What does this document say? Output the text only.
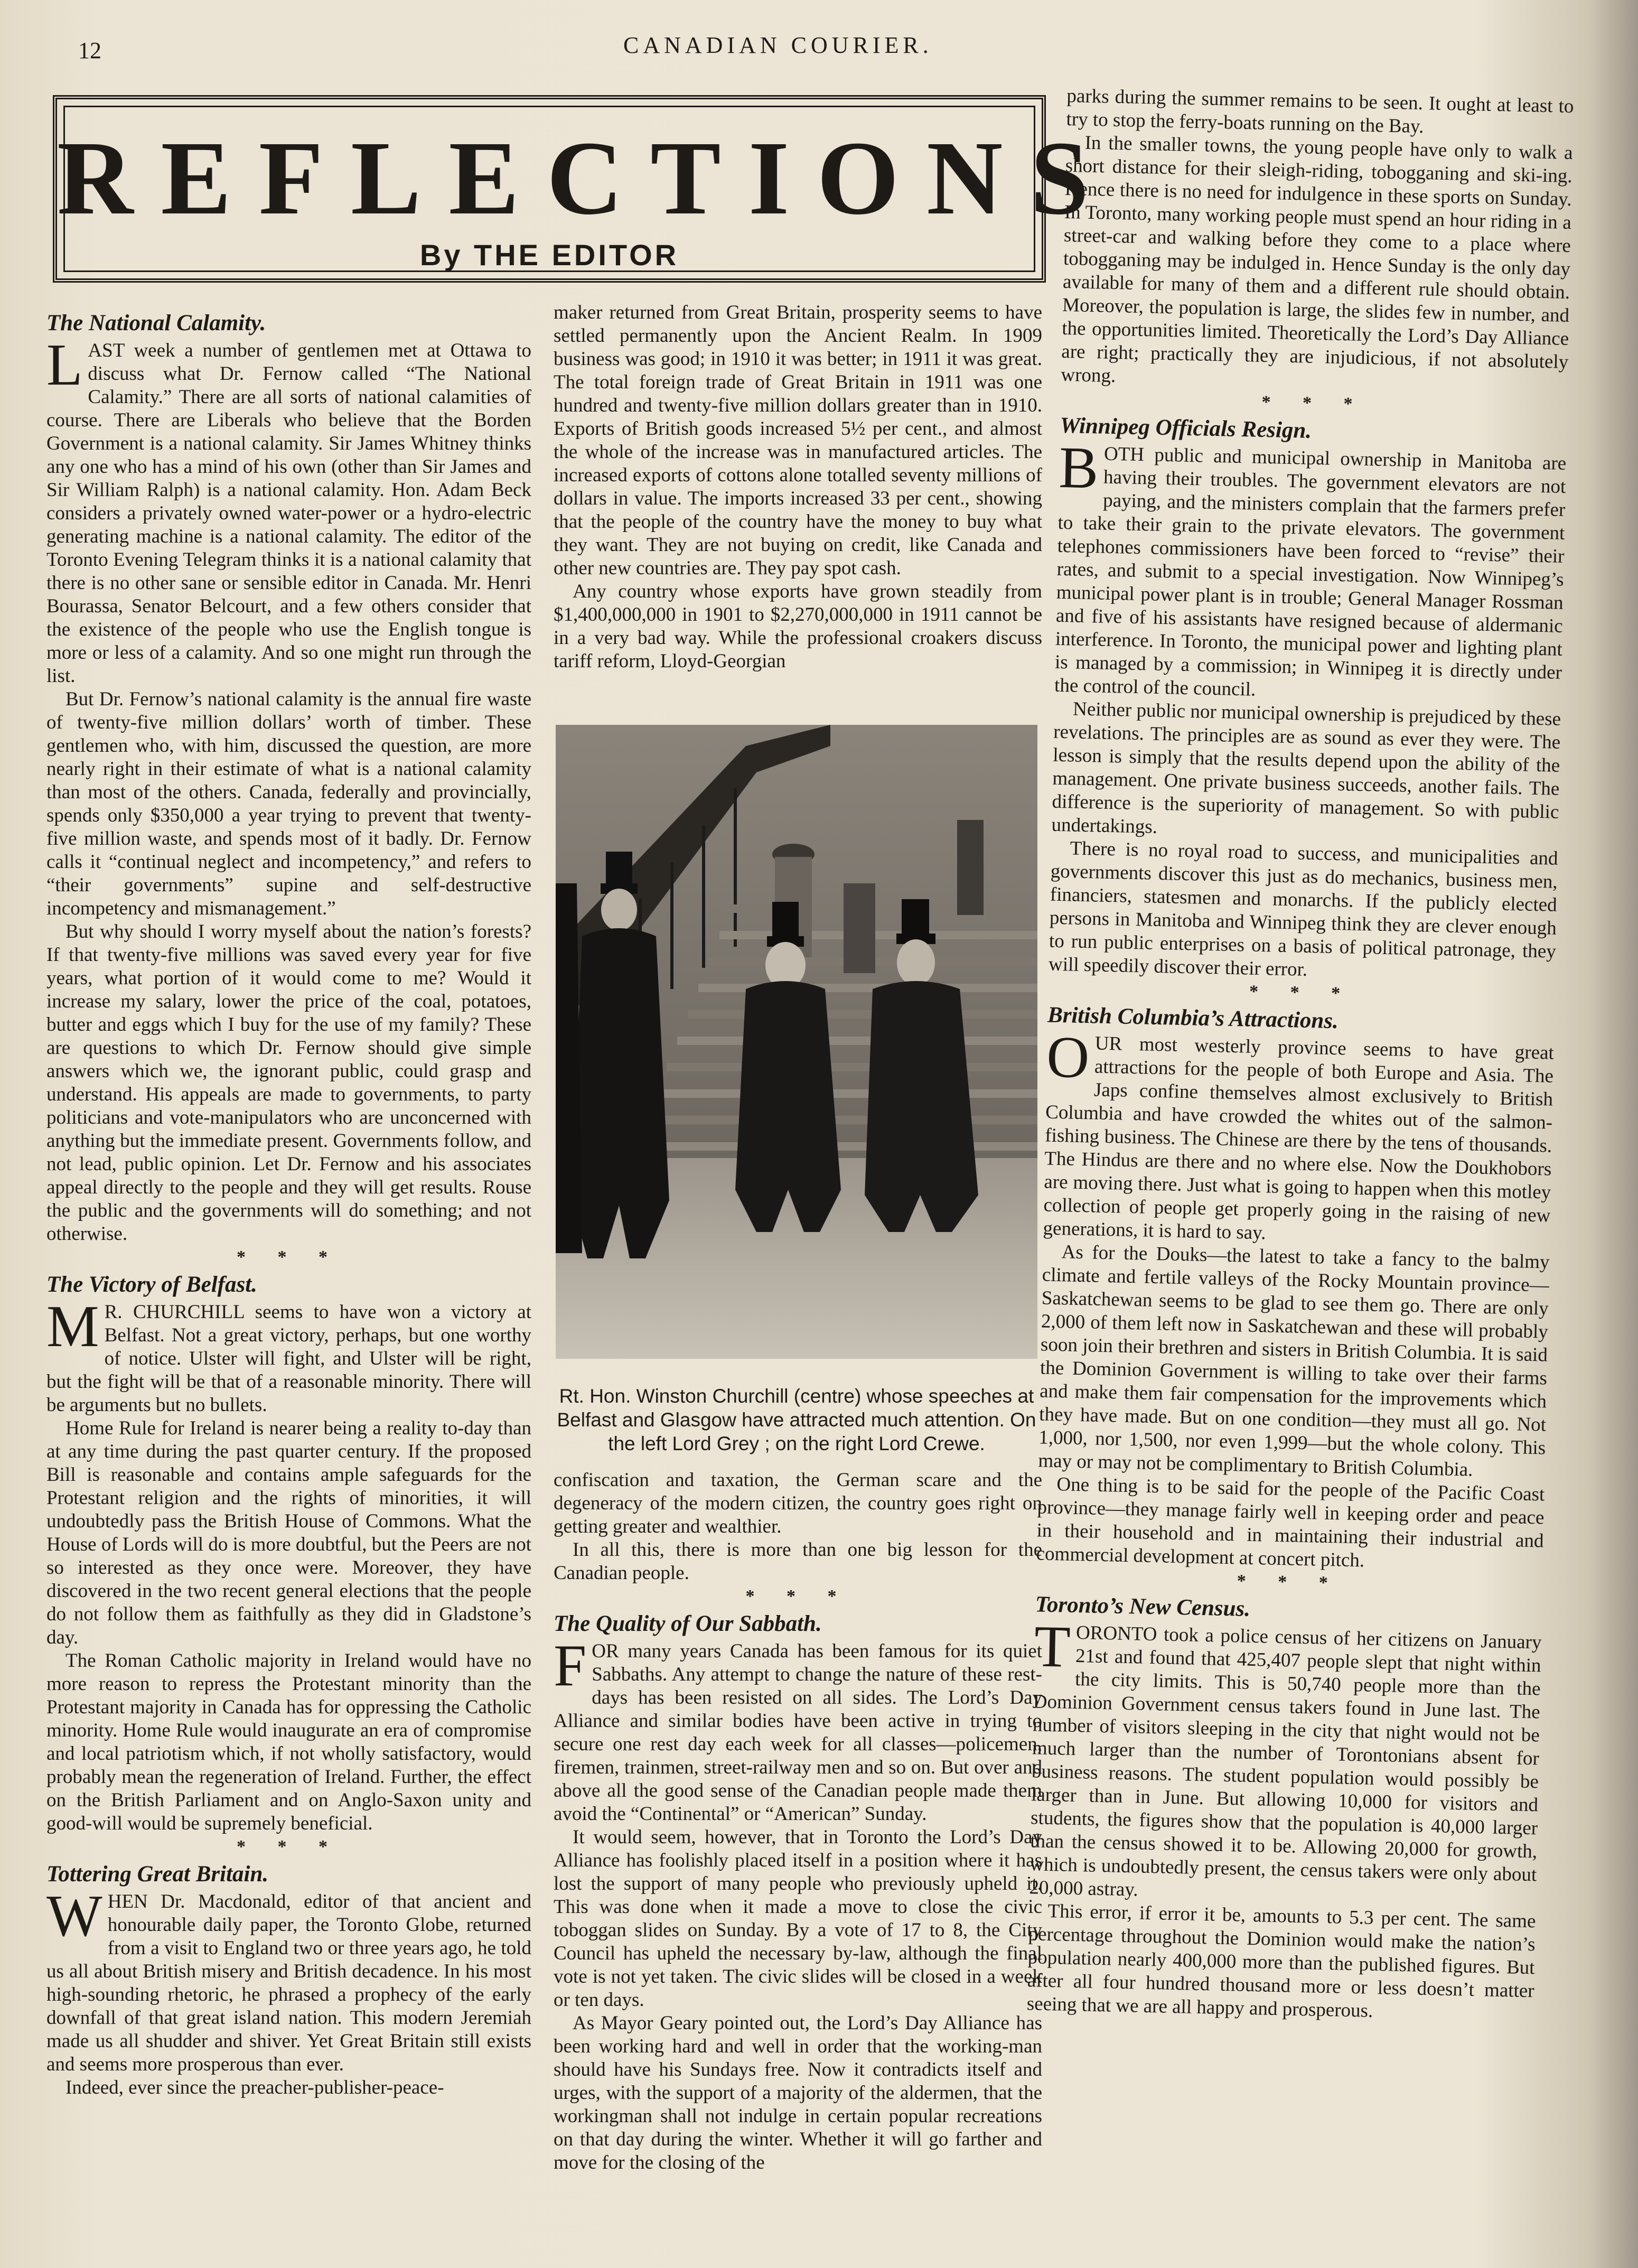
12	CANADIAN COURIER.
REFLECTIONS
By THE EDITOR
The National Calamity.

LAST week a number of gentlemen met at Ottawa to discuss what Dr. Fernow called “The National Calamity.” There are all sorts of national calamities of course. There are Liberals who believe that the Borden Government is a national calamity. Sir James Whitney thinks any one who has a mind of his own (other than Sir James and Sir William Ralph) is a national calamity. Hon. Adam Beck considers a privately owned water-power or a hydro-electric generating machine is a national calamity. The editor of the Toronto Evening Telegram thinks it is a national calamity that there is no other sane or sensible editor in Canada. Mr. Henri Bourassa, Senator Belcourt, and a few others consider that the existence of the people who use the English tongue is more or less of a calamity. And so one might run through the list.

But Dr. Fernow’s national calamity is the annual fire waste of twenty-five million dollars’ worth of timber. These gentlemen who, with him, discussed the question, are more nearly right in their estimate of what is a national calamity than most of the others. Canada, federally and provincially, spends only $350,000 a year trying to prevent that twenty-five million waste, and spends most of it badly. Dr. Fernow calls it “continual neglect and incompetency,” and refers to “their governments” supine and self-destructive incompetency and mismanagement.”

But why should I worry myself about the nation’s forests? If that twenty-five millions was saved every year for five years, what portion of it would come to me? Would it increase my salary, lower the price of the coal, potatoes, butter and eggs which I buy for the use of my family? These are questions to which Dr. Fernow should give simple answers which we, the ignorant public, could grasp and understand. His appeals are made to governments, to party politicians and vote-manipulators who are unconcerned with anything but the immediate present. Governments follow, and not lead, public opinion. Let Dr. Fernow and his associates appeal directly to the people and they will get results. Rouse the public and the governments will do something; and not otherwise.

* * *
The Victory of Belfast.

M R. CHURCHILL seems to have won a victory at Belfast. Not a great victory, perhaps, but one worthy of notice. Ulster will fight, and Ulster will be right, but the fight will be that of a reasonable minority. There will be arguments but no bullets.

Home Rule for Ireland is nearer being a reality to-day than at any time during the past quarter century. If the proposed Bill is reasonable and contains ample safeguards for the Protestant religion and the rights of minorities, it will undoubtedly pass the British House of Commons. What the House of Lords will do is more doubtful, but the Peers are not so interested as they once were. Moreover, they have discovered in the two recent general elections that the people do not follow them as faithfully as they did in Gladstone’s day.

The Roman Catholic majority in Ireland would have no more reason to repress the Protestant minority than the Protestant majority in Canada has for oppressing the Catholic minority. Home Rule would inaugurate an era of compromise and local patriotism which, if not wholly satisfactory, would probably mean the regeneration of Ireland. Further, the effect on the British Parliament and on Anglo-Saxon unity and good-will would be supremely beneficial.

* * *
Tottering Great Britain.

WHEN Dr. Macdonald, editor of that ancient and honourable daily paper, the Toronto Globe, returned from a visit to England two or three years ago, he told us all about British misery and British decadence. In his most high-sounding rhetoric, he phrased a prophecy of the early downfall of that great island nation. This modern Jeremiah made us all shudder and shiver. Yet Great Britain still exists and seems more prosperous than ever.

Indeed, ever since the preacher-publisher-peace-

maker returned from Great Britain, prosperity seems to have settled permanently upon the Ancient Realm. In 1909 business was good; in 1910 it was better; in 1911 it was great. The total foreign trade of Great Britain in 1911 was one hundred and twenty-five million dollars greater than in 1910. Exports of British goods increased 5½ per cent., and almost the whole of the increase was in manufactured articles. The increased exports of cottons alone totalled seventy millions of dollars in value. The imports increased 33 per cent., showing that the people of the country have the money to buy what they want. They are not buying on credit, like Canada and other new countries are. They pay spot cash.

Any country whose exports have grown steadily from $1,400,000,000 in 1901 to $2,270,000,000 in 1911 cannot be in a very bad way. While the professional croakers discuss tariff reform, Lloyd-Georgian

Rt. Hon. Winston Churchill (centre) whose speeches at Belfast and Glasgow have attracted much attention. On the left Lord Grey ; on the right Lord Crewe.

confiscation and taxation, the German scare and the degeneracy of the modern citizen, the country goes right on getting greater and wealthier.

In all this, there is more than one big lesson for the Canadian people.

* * *
The Quality of Our Sabbath.

FOR many years Canada has been famous for its quiet Sabbaths. Any attempt to change the nature of these rest-days has been resisted on all sides. The Lord’s Day Alliance and similar bodies have been active in trying to secure one rest day each week for all classes—policemen, firemen, trainmen, street-railway men and so on. But over and above all the good sense of the Canadian people made them avoid the “Continental” or “American” Sunday.

It would seem, however, that in Toronto the Lord’s Day Alliance has foolishly placed itself in a position where it has lost the support of many people who previously upheld it. This was done when it made a move to close the civic toboggan slides on Sunday. By a vote of 17 to 8, the City Council has upheld the necessary by-law, although the final vote is not yet taken. The civic slides will be closed in a week or ten days.

As Mayor Geary pointed out, the Lord’s Day Alliance has been working hard and well in order that the working-man should have his Sundays free. Now it contradicts itself and urges, with the support of a majority of the aldermen, that the workingman shall not indulge in certain popular recreations on that day during the winter. Whether it will go farther and move for the closing of the

parks during the summer remains to be seen. It ought at least to try to stop the ferry-boats running on the Bay.

In the smaller towns, the young people have only to walk a short distance for their sleigh-riding, tobogganing and ski-ing. Hence there is no need for indulgence in these sports on Sunday. In Toronto, many working people must spend an hour riding in a street-car and walking before they come to a place where tobogganing may be indulged in. Hence Sunday is the only day available for many of them and a different rule should obtain. Moreover, the population is large, the slides few in number, and the opportunities limited. Theoretically the Lord’s Day Alliance are right; practically they are injudicious, if not absolutely wrong.

* * *
Winnipeg Officials Resign.

BOTH public and municipal ownership in Manitoba are having their troubles. The government elevators are not paying, and the ministers complain that the farmers prefer to take their grain to the private elevators. The government telephones commissioners have been forced to “revise” their rates, and submit to a special investigation. Now Winnipeg’s municipal power plant is in trouble; General Manager Rossman and five of his assistants have resigned because of aldermanic interference. In Toronto, the municipal power and lighting plant is managed by a commission; in Winnipeg it is directly under the control of the council.

Neither public nor municipal ownership is prejudiced by these revelations. The principles are as sound as ever they were. The lesson is simply that the results depend upon the ability of the management. One private business succeeds, another fails. The difference is the superiority of management. So with public undertakings.

There is no royal road to success, and municipalities and governments discover this just as do mechanics, business men, financiers, statesmen and monarchs. If the publicly elected persons in Manitoba and Winnipeg think they are clever enough to run public enterprises on a basis of political patronage, they will speedily discover their error.

* * *
British Columbia’s Attractions.

OUR most westerly province seems to have great attractions for the people of both Europe and Asia. The Japs confine themselves almost exclusively to British Columbia and have crowded the whites out of the salmon-fishing business. The Chinese are there by the tens of thousands. The Hindus are there and no where else. Now the Doukhobors are moving there. Just what is going to happen when this motley collection of people get properly going in the raising of new generations, it is hard to say.

As for the Douks—the latest to take a fancy to the balmy climate and fertile valleys of the Rocky Mountain province—Saskatchewan seems to be glad to see them go. There are only 2,000 of them left now in Saskatchewan and these will probably soon join their brethren and sisters in British Columbia. It is said the Dominion Government is willing to take over their farms and make them fair compensation for the improvements which they have made. But on one condition—they must all go. Not 1,000, nor 1,500, nor even 1,999—but the whole colony. This may or may not be complimentary to British Columbia.

One thing is to be said for the people of the Pacific Coast province—they manage fairly well in keeping order and peace in their household and in maintaining their industrial and commercial development at concert pitch.

* * *
Toronto’s New Census.

TORONTO took a police census of her citizens on January 21st and found that 425,407 people slept that night within the city limits. This is 50,740 people more than the Dominion Government census takers found in June last. The number of visitors sleeping in the city that night would not be much larger than the number of Torontonians absent for business reasons. The student population would possibly be larger than in June. But allowing 10,000 for visitors and students, the figures show that the population is 40,000 larger than the census showed it to be. Allowing 20,000 for growth, which is undoubtedly present, the census takers were only about 20,000 astray.

This error, if error it be, amounts to 5.3 per cent. The same percentage throughout the Dominion would make the nation’s population nearly 400,000 more than the published figures. But after all four hundred thousand more or less doesn’t matter seeing that we are all happy and prosperous.
